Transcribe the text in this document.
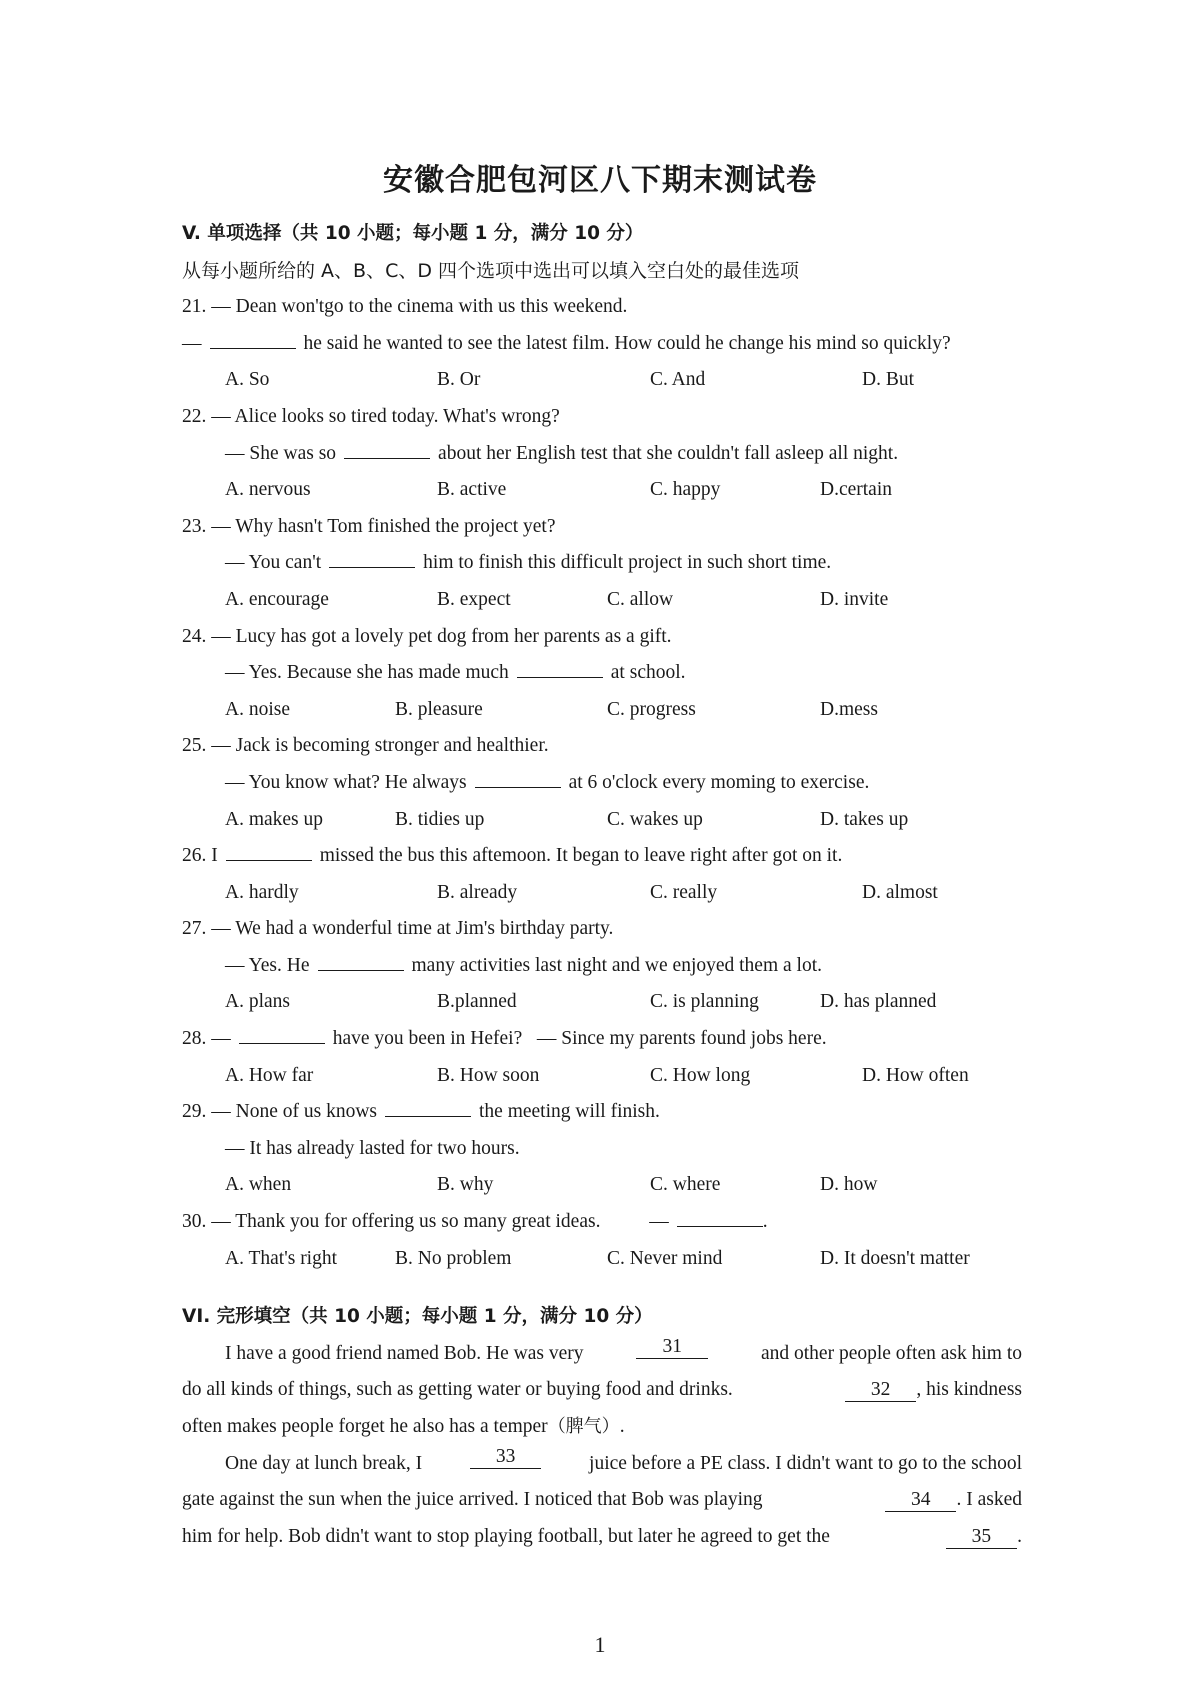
安徽合肥包河区八下期末测试卷
V. 单项选择（共 10 小题；每小题 1 分，满分 10 分）
从每小题所给的 A、B、C、D 四个选项中选出可以填入空白处的最佳选项
21. — Dean won'tgo to the cinema with us this weekend.
—	he said he wanted to see the latest film. How could he change his mind so quickly?
A. So	B. Or	C. And	D. But
22. — Alice looks so tired today. What's wrong?
— She was so	about her English test that she couldn't fall asleep all night.
A. nervous	B. active	C. happy	D.certain
23. — Why hasn't Tom finished the project yet?
— You can't	him to finish this difficult project in such short time.
A. encourage	B. expect	C. allow	D. invite
24. — Lucy has got a lovely pet dog from her parents as a gift.
— Yes. Because she has made much	at school.
A. noise	B. pleasure	C. progress	D.mess
25. — Jack is becoming stronger and healthier.
— You know what? He always	at 6 o'clock every moming to exercise.
A. makes up	B. tidies up	C. wakes up	D. takes up
26. I	missed the bus this aftemoon. It began to leave right after got on it.
A. hardly	B. already	C. really	D. almost
27. — We had a wonderful time at Jim's birthday party.
— Yes. He	many activities last night and we enjoyed them a lot.
A. plans	B.planned	C. is planning	D. has planned
28. —	have you been in Hefei?   — Since my parents found jobs here.
A. How far	B. How soon	C. How long	D. How often
29. — None of us knows	the meeting will finish.
— It has already lasted for two hours.
A. when	B. why	C. where	D. how
30. — Thank you for offering us so many great ideas.          —	.
A. That's right	B. No problem	C. Never mind	D. It doesn't matter
VI. 完形填空（共 10 小题；每小题 1 分，满分 10 分）
I have a good friend named Bob. He was very	31	and other people often ask him to
do all kinds of things, such as getting water or buying food and drinks.	32 , his kindness
often makes people forget he also has a temper（脾气）.
One day at lunch break, I	33	juice before a PE class. I didn't want to go to the school
gate against the sun when the juice arrived. I noticed that Bob was playing	34 . I asked
him for help. Bob didn't want to stop playing football, but later he agreed to get the	35 .
1
